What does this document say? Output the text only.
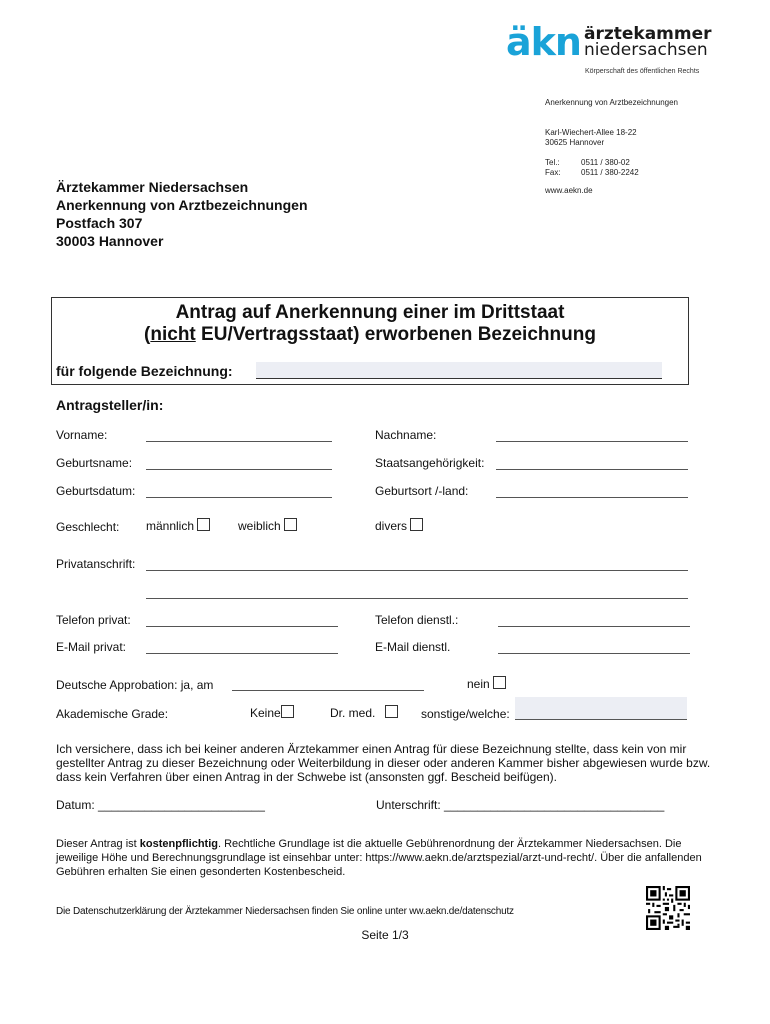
äkn ärztekammer
niedersachsen
Körperschaft des öffentlichen Rechts
Anerkennung von Arztbezeichnungen
Karl-Wiechert-Allee 18-22
30625 Hannover
Tel.:	0511 / 380-02
Fax:	0511 / 380-2242
www.aekn.de
Ärztekammer Niedersachsen
Anerkennung von Arztbezeichnungen
Postfach 307
30003 Hannover
Antrag auf Anerkennung einer im Drittstaat
(nicht EU/Vertragsstaat) erworbenen Bezeichnung
für folgende Bezeichnung:
Antragsteller/in:
Vorname:	Nachname:
Geburtsname:	Staatsangehörigkeit:
Geburtsdatum:	Geburtsort /-land:
Geschlecht: männlich	weiblich	divers
Privatanschrift:
Telefon privat:	Telefon dienstl.:
E-Mail privat:	E-Mail dienstl.
Deutsche Approbation: ja, am	nein
Akademische Grade:	Keine	Dr. med.	sonstige/welche:
Ich versichere, dass ich bei keiner anderen Ärztekammer einen Antrag für diese Bezeichnung stellte, dass kein von mir gestellter Antrag zu dieser Bezeichnung oder Weiterbildung in dieser oder anderen Kammer bisher abgewiesen wurde bzw. dass kein Verfahren über einen Antrag in der Schwebe ist (ansonsten ggf. Bescheid beifügen).
Datum: _________________________	Unterschrift: _________________________________
Dieser Antrag ist kostenpflichtig. Rechtliche Grundlage ist die aktuelle Gebührenordnung der Ärztekammer Niedersachsen. Die jeweilige Höhe und Berechnungsgrundlage ist einsehbar unter: https://www.aekn.de/arztspezial/arzt-und-recht/. Über die anfallenden Gebühren erhalten Sie einen gesonderten Kostenbescheid.
Die Datenschutzerklärung der Ärztekammer Niedersachsen finden Sie online unter ww.aekn.de/datenschutz
Seite 1/3
